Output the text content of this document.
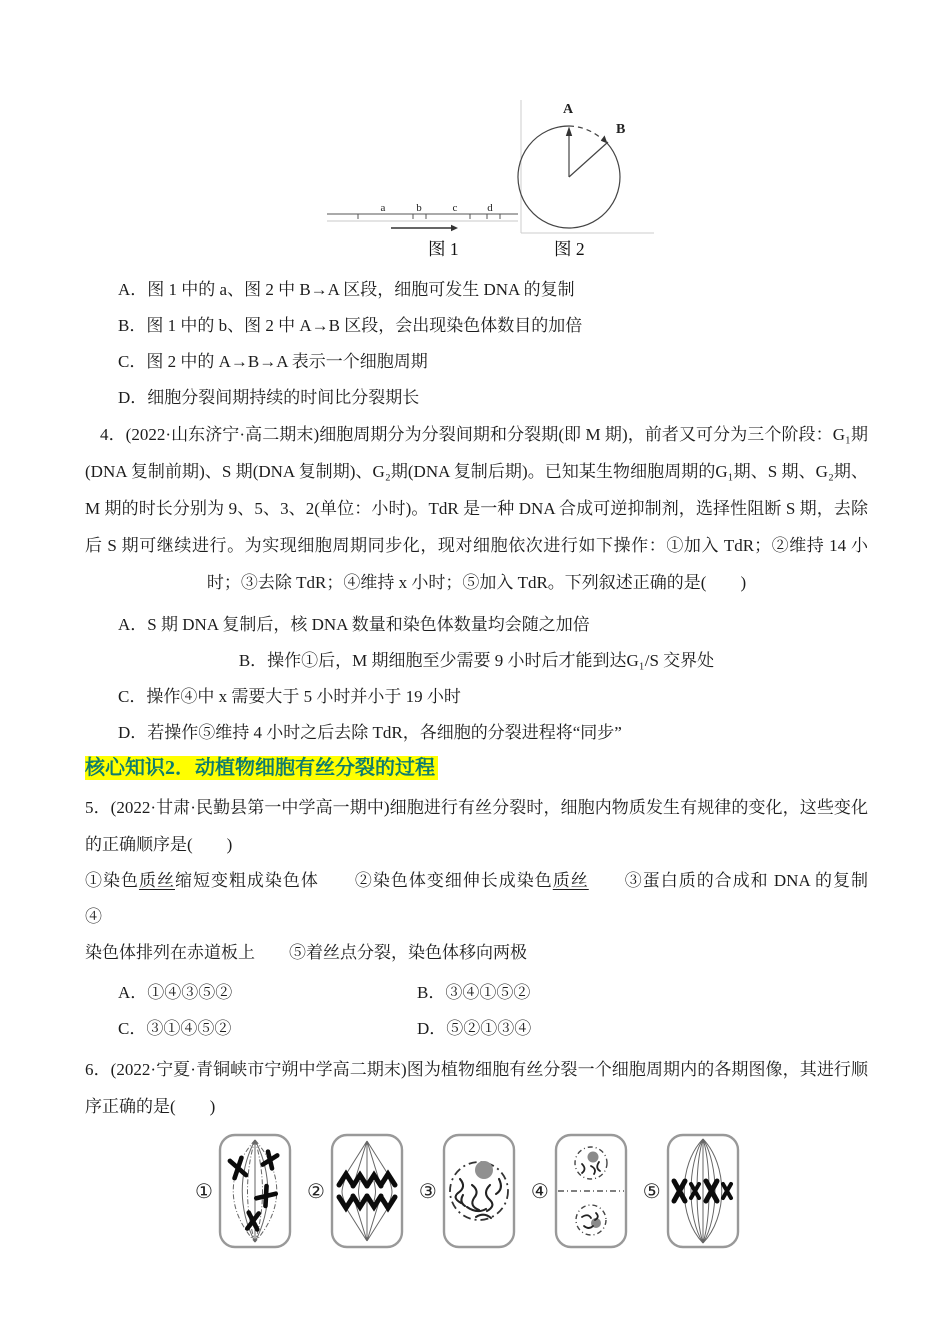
a	b	c	d
A
B
图 1	图 2
A．图 1 中的 a、图 2 中 B→A 区段，细胞可发生 DNA 的复制
B．图 1 中的 b、图 2 中 A→B 区段，会出现染色体数目的加倍
C．图 2 中的 A→B→A 表示一个细胞周期
D．细胞分裂间期持续的时间比分裂期长

4．(2022·山东济宁·高二期末)细胞周期分为分裂间期和分裂期(即 M 期)，前者又可分为三个阶段：G₁期(DNA 复制前期)、S 期(DNA 复制期)、G₂期(DNA 复制后期)。已知某生物细胞周期的G₁期、S 期、G₂期、M 期的时长分别为 9、5、3、2(单位：小时)。TdR 是一种 DNA 合成可逆抑制剂，选择性阻断 S 期，去除后 S 期可继续进行。为实现细胞周期同步化，现对细胞依次进行如下操作：①加入 TdR；②维持 14 小时；③去除 TdR；④维持 x 小时；⑤加入 TdR。下列叙述正确的是(　　)

A．S 期 DNA 复制后，核 DNA 数量和染色体数量均会随之加倍
B．操作①后，M 期细胞至少需要 9 小时后才能到达G₁/S 交界处
C．操作④中 x 需要大于 5 小时并小于 19 小时
D．若操作⑤维持 4 小时之后去除 TdR，各细胞的分裂进程将“同步”
核心知识2．动植物细胞有丝分裂的过程

5．(2022·甘肃·民勤县第一中学高一期中)细胞进行有丝分裂时，细胞内物质发生有规律的变化，这些变化的正确顺序是(　　)

①染色质丝缩短变粗成染色体　　②染色体变细伸长成染色质丝　　③蛋白质的合成和 DNA 的复制　　④
染色体排列在赤道板上　　⑤着丝点分裂，染色体移向两极
A．①④③⑤②	B．③④①⑤②
C．③①④⑤②	D．⑤②①③④

6．(2022·宁夏·青铜峡市宁朔中学高二期末)图为植物细胞有丝分裂一个细胞周期内的各期图像，其进行顺序正确的是(　　)

①	②	③	④	⑤
